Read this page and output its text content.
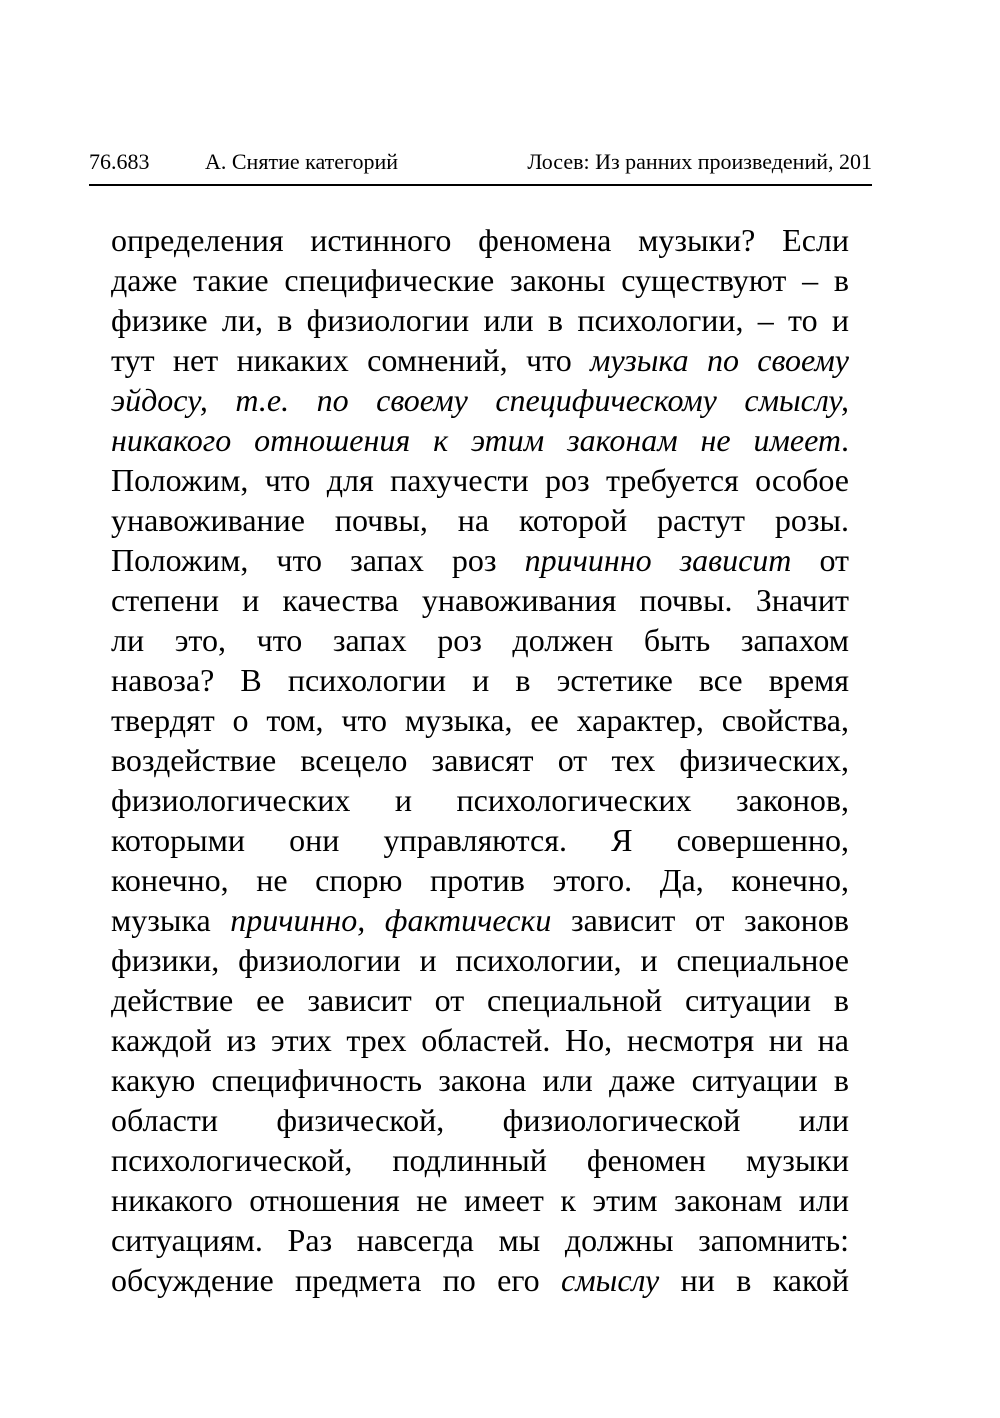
76.683	А. Снятие категорий	Лосев: Из ранних произведений, 201
определения истинного феномена музыки? Если
даже такие специфические законы существуют – в
физике ли, в физиологии или в психологии, – то и
тут нет никаких сомнений, что музыка по своему
эйдосу, т.е. по своему специфическому смыслу,
никакого отношения к этим законам не имеет.
Положим, что для пахучести роз требуется особое
унавоживание почвы, на которой растут розы.
Положим, что запах роз причинно зависит от
степени и качества унавоживания почвы. Значит
ли это, что запах роз должен быть запахом
навоза? В психологии и в эстетике все время
твердят о том, что музыка, ее характер, свойства,
воздействие всецело зависят от тех физических,
физиологических и психологических законов,
которыми они управляются. Я совершенно,
конечно, не спорю против этого. Да, конечно,
музыка причинно, фактически зависит от законов
физики, физиологии и психологии, и специальное
действие ее зависит от специальной ситуации в
каждой из этих трех областей. Но, несмотря ни на
какую специфичность закона или даже ситуации в
области физической, физиологической или
психологической, подлинный феномен музыки
никакого отношения не имеет к этим законам или
ситуациям. Раз навсегда мы должны запомнить:
обсуждение предмета по его смыслу ни в какой
